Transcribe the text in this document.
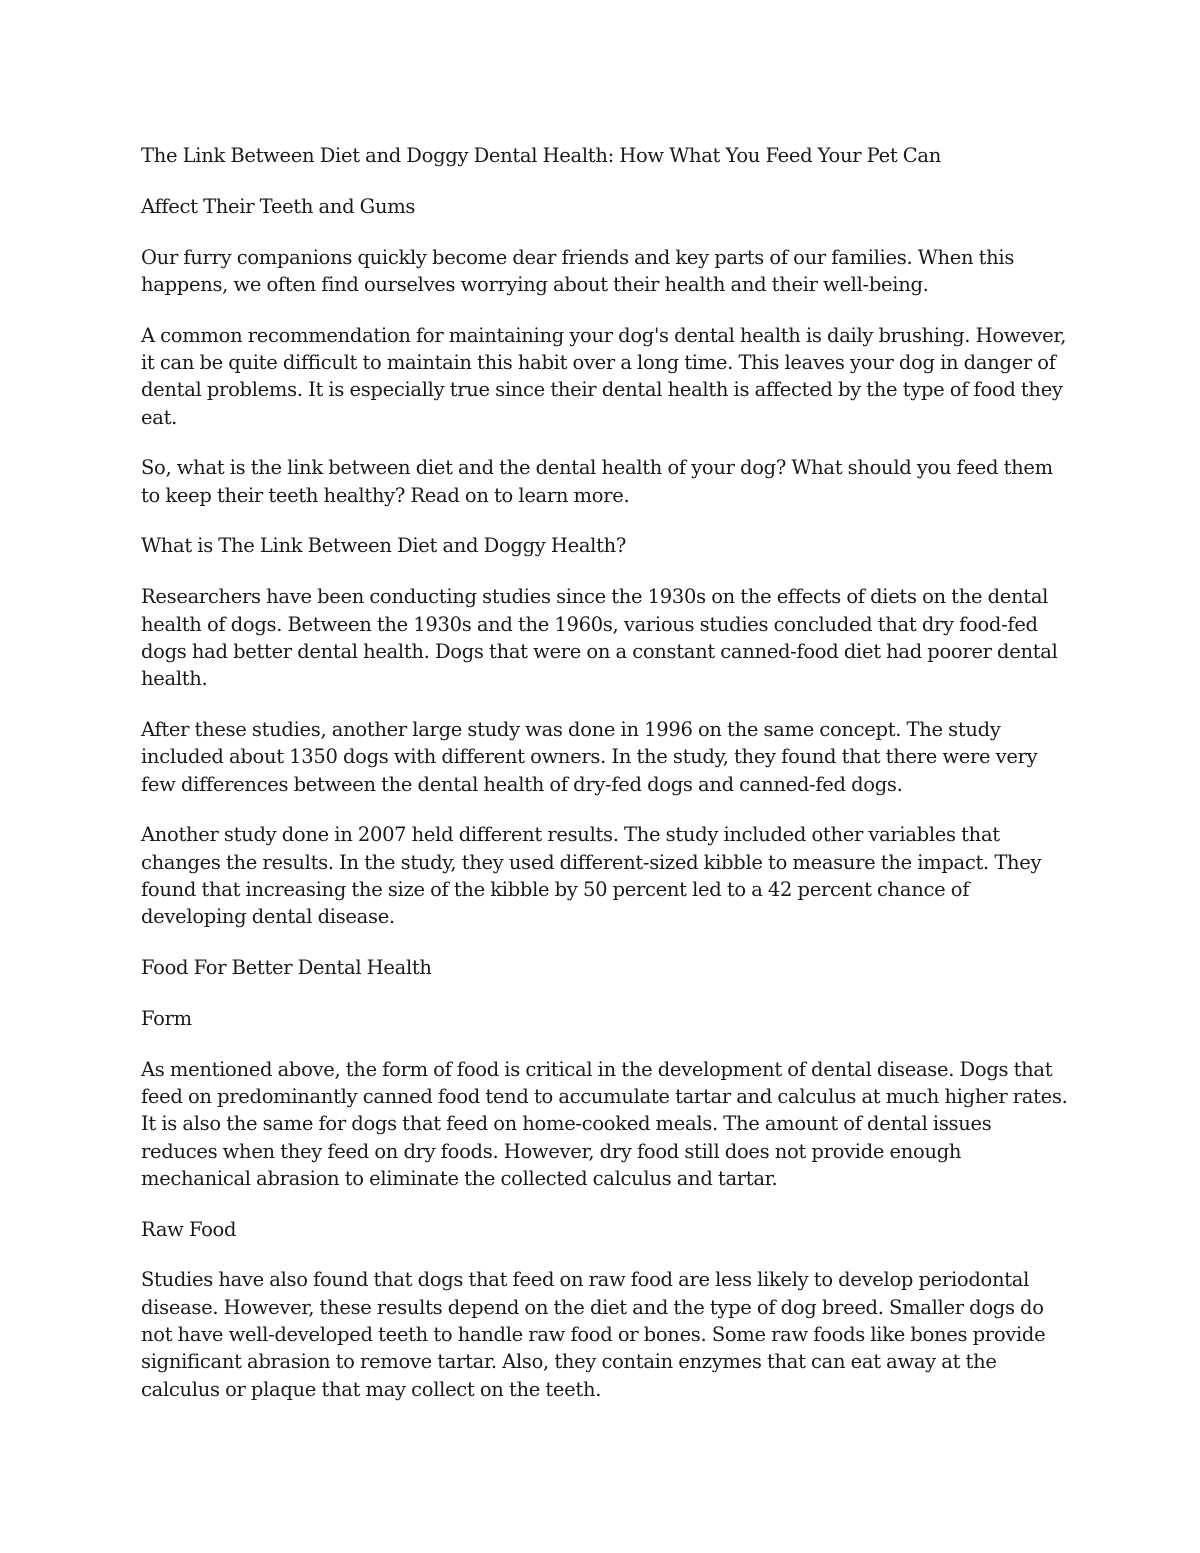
The Link Between Diet and Doggy Dental Health: How What You Feed Your Pet Can

Affect Their Teeth and Gums

Our furry companions quickly become dear friends and key parts of our families. When this happens, we often find ourselves worrying about their health and their well-being.

A common recommendation for maintaining your dog's dental health is daily brushing. However, it can be quite difficult to maintain this habit over a long time. This leaves your dog in danger of dental problems. It is especially true since their dental health is affected by the type of food they eat.

So, what is the link between diet and the dental health of your dog? What should you feed them to keep their teeth healthy? Read on to learn more.

What is The Link Between Diet and Doggy Health?

Researchers have been conducting studies since the 1930s on the effects of diets on the dental health of dogs. Between the 1930s and the 1960s, various studies concluded that dry food-fed dogs had better dental health. Dogs that were on a constant canned-food diet had poorer dental health.

After these studies, another large study was done in 1996 on the same concept. The study included about 1350 dogs with different owners. In the study, they found that there were very few differences between the dental health of dry-fed dogs and canned-fed dogs.

Another study done in 2007 held different results. The study included other variables that changes the results. In the study, they used different-sized kibble to measure the impact. They found that increasing the size of the kibble by 50 percent led to a 42 percent chance of developing dental disease.

Food For Better Dental Health

Form

As mentioned above, the form of food is critical in the development of dental disease. Dogs that feed on predominantly canned food tend to accumulate tartar and calculus at much higher rates. It is also the same for dogs that feed on home-cooked meals. The amount of dental issues reduces when they feed on dry foods. However, dry food still does not provide enough mechanical abrasion to eliminate the collected calculus and tartar.

Raw Food

Studies have also found that dogs that feed on raw food are less likely to develop periodontal disease. However, these results depend on the diet and the type of dog breed. Smaller dogs do not have well-developed teeth to handle raw food or bones. Some raw foods like bones provide significant abrasion to remove tartar. Also, they contain enzymes that can eat away at the calculus or plaque that may collect on the teeth.
